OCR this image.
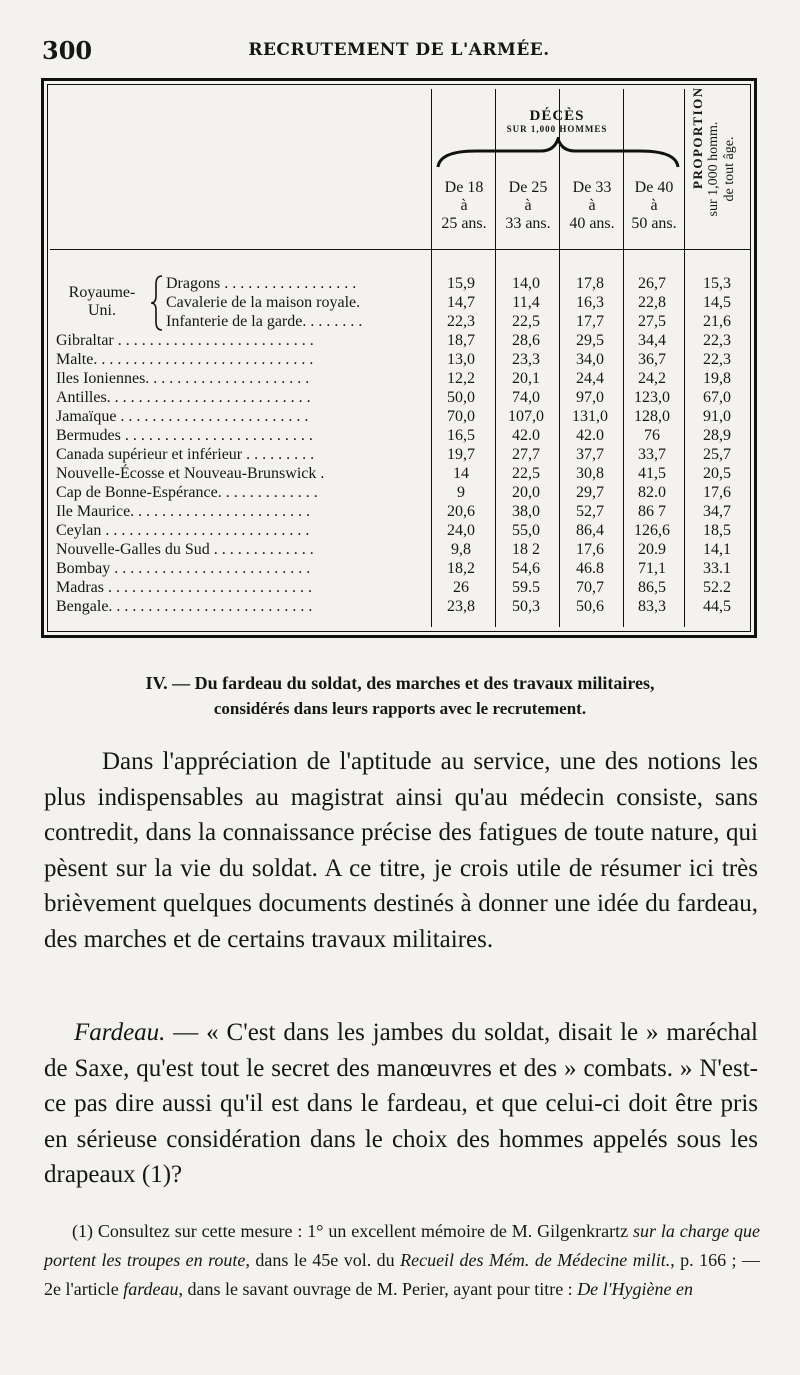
300	RECRUTEMENT DE L'ARMÉE.
DÉCÈS
SUR 1,000 HOMMES
De 18
à
25 ans.
De 25
à
33 ans.
De 33
à
40 ans.
De 40
à
50 ans.
PROPORTION sur 1,000 homm. de tout âge.
Royaume-
Uni.
Dragons . . . . . . . . . . . . . . . . .	15,9	14,0	17,8	26,7	15,3
Cavalerie de la maison royale.	14,7	11,4	16,3	22,8	14,5
Infanterie de la garde. . . . . . . .	22,3	22,5	17,7	27,5	21,6
Gibraltar . . . . . . . . . . . . . . . . . . . . . . . . .	18,7	28,6	29,5	34,4	22,3
Malte. . . . . . . . . . . . . . . . . . . . . . . . . . . .	13,0	23,3	34,0	36,7	22,3
Iles Ioniennes. . . . . . . . . . . . . . . . . . . . .	12,2	20,1	24,4	24,2	19,8
Antilles. . . . . . . . . . . . . . . . . . . . . . . . . .	50,0	74,0	97,0	123,0	67,0
Jamaïque . . . . . . . . . . . . . . . . . . . . . . . .	70,0	107,0	131,0	128,0	91,0
Bermudes . . . . . . . . . . . . . . . . . . . . . . . .	16,5	42.0	42.0	76	28,9
Canada supérieur et inférieur . . . . . . . . .	19,7	27,7	37,7	33,7	25,7
Nouvelle-Écosse et Nouveau-Brunswick .	14	22,5	30,8	41,5	20,5
Cap de Bonne-Espérance. . . . . . . . . . . . .	9	20,0	29,7	82.0	17,6
Ile Maurice. . . . . . . . . . . . . . . . . . . . . . .	20,6	38,0	52,7	86 7	34,7
Ceylan . . . . . . . . . . . . . . . . . . . . . . . . . .	24,0	55,0	86,4	126,6	18,5
Nouvelle-Galles du Sud . . . . . . . . . . . . .	9,8	18 2	17,6	20.9	14,1
Bombay . . . . . . . . . . . . . . . . . . . . . . . . .	18,2	54,6	46.8	71,1	33.1
Madras . . . . . . . . . . . . . . . . . . . . . . . . . .	26	59.5	70,7	86,5	52.2
Bengale. . . . . . . . . . . . . . . . . . . . . . . . . .	23,8	50,3	50,6	83,3	44,5
IV. — Du fardeau du soldat, des marches et des travaux militaires,
considérés dans leurs rapports avec le recrutement.

Dans l'appréciation de l'aptitude au service, une des notions les plus indispensables au magistrat ainsi qu'au médecin consiste, sans contredit, dans la connaissance précise des fatigues de toute nature, qui pèsent sur la vie du soldat. A ce titre, je crois utile de résumer ici très brièvement quelques documents destinés à donner une idée du fardeau, des marches et de certains travaux militaires.

Fardeau. — « C'est dans les jambes du soldat, disait le » maréchal de Saxe, qu'est tout le secret des manœuvres et des » combats. » N'est-ce pas dire aussi qu'il est dans le fardeau, et que celui-ci doit être pris en sérieuse considération dans le choix des hommes appelés sous les drapeaux (1)?

(1) Consultez sur cette mesure : 1° un excellent mémoire de M. Gilgenkrartz sur la charge que portent les troupes en route, dans le 45e vol. du Recueil des Mém. de Médecine milit., p. 166 ; — 2e l'article fardeau, dans le savant ouvrage de M. Perier, ayant pour titre : De l'Hygiène en
